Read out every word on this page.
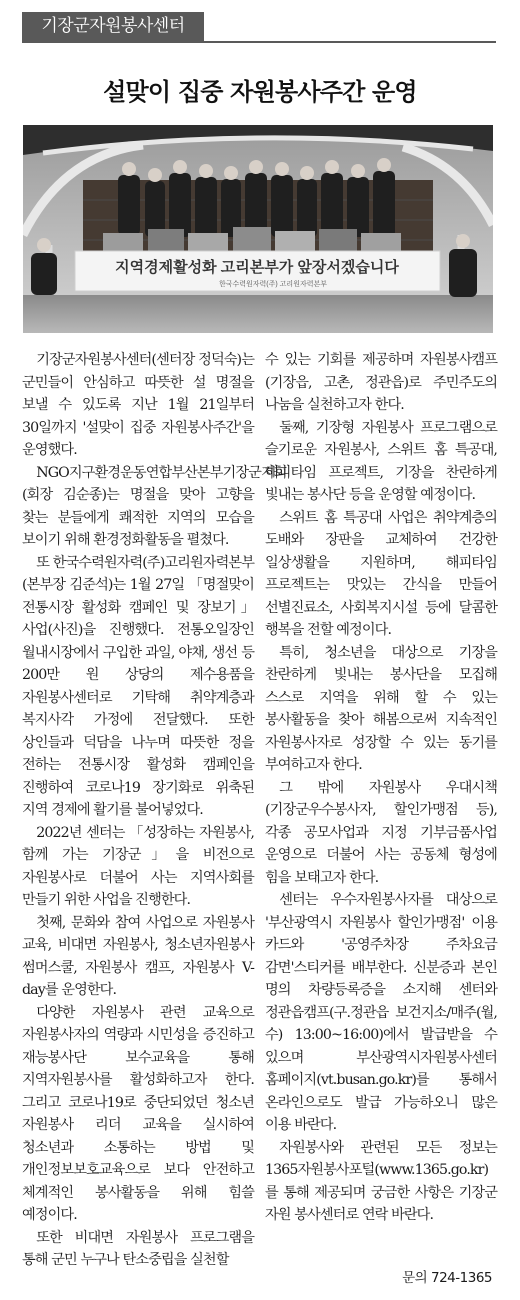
기장군자원봉사센터
설맞이 집중 자원봉사주간 운영
지역경제활성화 고리본부가 앞장서겠습니다
한국수력원자력(주) 고리원자력본부

기장군자원봉사센터(센터장 정덕숙)는 군민들이 안심하고 따뜻한 설 명절을 보낼 수 있도록 지난 1월 21일부터 30일까지 '설맞이 집중 자원봉사주간'을 운영했다.

NGO지구환경운동연합부산본부기장군지회(회장 김순종)는 명절을 맞아 고향을 찾는 분들에게 쾌적한 지역의 모습을 보이기 위해 환경정화활동을 펼쳤다.

또 한국수력원자력(주)고리원자력본부(본부장 김준석)는 1월 27일 「명절맞이 전통시장 활성화 캠페인 및 장보기」 사업(사진)을 진행했다. 전통오일장인 월내시장에서 구입한 과일, 야채, 생선 등 200만 원 상당의 제수용품을 자원봉사센터로 기탁해 취약계층과 복지사각 가정에 전달했다. 또한 상인들과 덕담을 나누며 따뜻한 정을 전하는 전통시장 활성화 캠페인을 진행하여 코로나19 장기화로 위축된 지역 경제에 활기를 불어넣었다.

2022년 센터는 「성장하는 자원봉사, 함께 가는 기장군」을 비전으로 자원봉사로 더불어 사는 지역사회를 만들기 위한 사업을 진행한다.

첫째, 문화와 참여 사업으로 자원봉사 교육, 비대면 자원봉사, 청소년자원봉사 썸머스쿨, 자원봉사 캠프, 자원봉사 V-day를 운영한다.

다양한 자원봉사 관련 교육으로 자원봉사자의 역량과 시민성을 증진하고 재능봉사단 보수교육을 통해 지역자원봉사를 활성화하고자 한다. 그리고 코로나19로 중단되었던 청소년 자원봉사 리더 교육을 실시하여 청소년과 소통하는 방법 및 개인정보보호교육으로 보다 안전하고 체계적인 봉사활동을 위해 힘쓸 예정이다.

또한 비대면 자원봉사 프로그램을 통해 군민 누구나 탄소중립을 실천할

수 있는 기회를 제공하며 자원봉사캠프(기장읍, 고촌, 정관읍)로 주민주도의 나눔을 실천하고자 한다.

둘째, 기장형 자원봉사 프로그램으로 슬기로운 자원봉사, 스위트 홈 특공대, 해피타임 프로젝트, 기장을 찬란하게 빛내는 봉사단 등을 운영할 예정이다.

스위트 홈 특공대 사업은 취약계층의 도배와 장판을 교체하여 건강한 일상생활을 지원하며, 해피타임 프로젝트는 맛있는 간식을 만들어 선별진료소, 사회복지시설 등에 달콤한 행복을 전할 예정이다.

특히, 청소년을 대상으로 기장을 찬란하게 빛내는 봉사단을 모집해 스스로 지역을 위해 할 수 있는 봉사활동을 찾아 해봄으로써 지속적인 자원봉사자로 성장할 수 있는 동기를 부여하고자 한다.

그 밖에 자원봉사 우대시책(기장군우수봉사자, 할인가맹점 등), 각종 공모사업과 지정 기부금품사업 운영으로 더불어 사는 공동체 형성에 힘을 보태고자 한다.

센터는 우수자원봉사자를 대상으로 '부산광역시 자원봉사 할인가맹점' 이용 카드와 '공영주차장 주차요금 감면'스티커를 배부한다. 신분증과 본인 명의 차량등록증을 소지해 센터와 정관읍캠프(구.정관읍 보건지소/매주(월, 수) 13:00~16:00)에서 발급받을 수 있으며 부산광역시자원봉사센터 홈페이지(vt.busan.go.kr)를 통해서 온라인으로도 발급 가능하오니 많은 이용 바란다.

자원봉사와 관련된 모든 정보는 1365자원봉사포털(www.1365.go.kr)를 통해 제공되며 궁금한 사항은 기장군 자원 봉사센터로 연락 바란다.

문의 724-1365
